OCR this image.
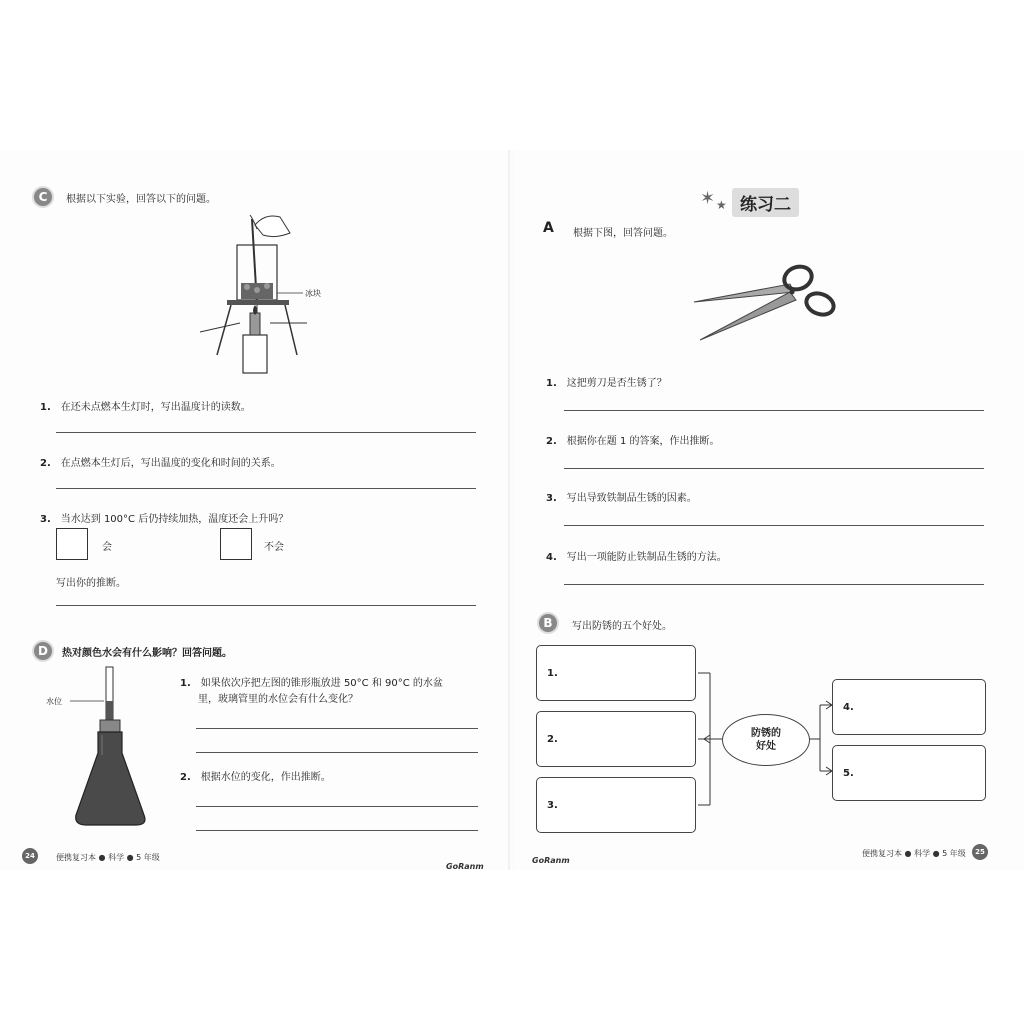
C	根据以下实验，回答以下的问题。
冰块
1. 在还未点燃本生灯时，写出温度计的读数。
2. 在点燃本生灯后，写出温度的变化和时间的关系。
3. 当水达到 100°C 后仍持续加热，温度还会上升吗？
会	不会
写出你的推断。
D	热对颜色水会有什么影响？回答问题。
水位
1. 如果依次序把左图的锥形瓶放进 50°C 和 90°C 的水盆
里，玻璃管里的水位会有什么变化？
2. 根据水位的变化，作出推断。
24	便携复习本 ● 科学 ● 5 年级
GoRanm
✶ ★ 练习二
A 根据下图，回答问题。
1. 这把剪刀是否生锈了？
2. 根据你在题 1 的答案，作出推断。
3. 写出导致铁制品生锈的因素。
4. 写出一项能防止铁制品生锈的方法。
B	写出防锈的五个好处。
1.
2.
3.
防锈的
好处
4.
5.
GoRanm
便携复习本 ● 科学 ● 5 年级	25
